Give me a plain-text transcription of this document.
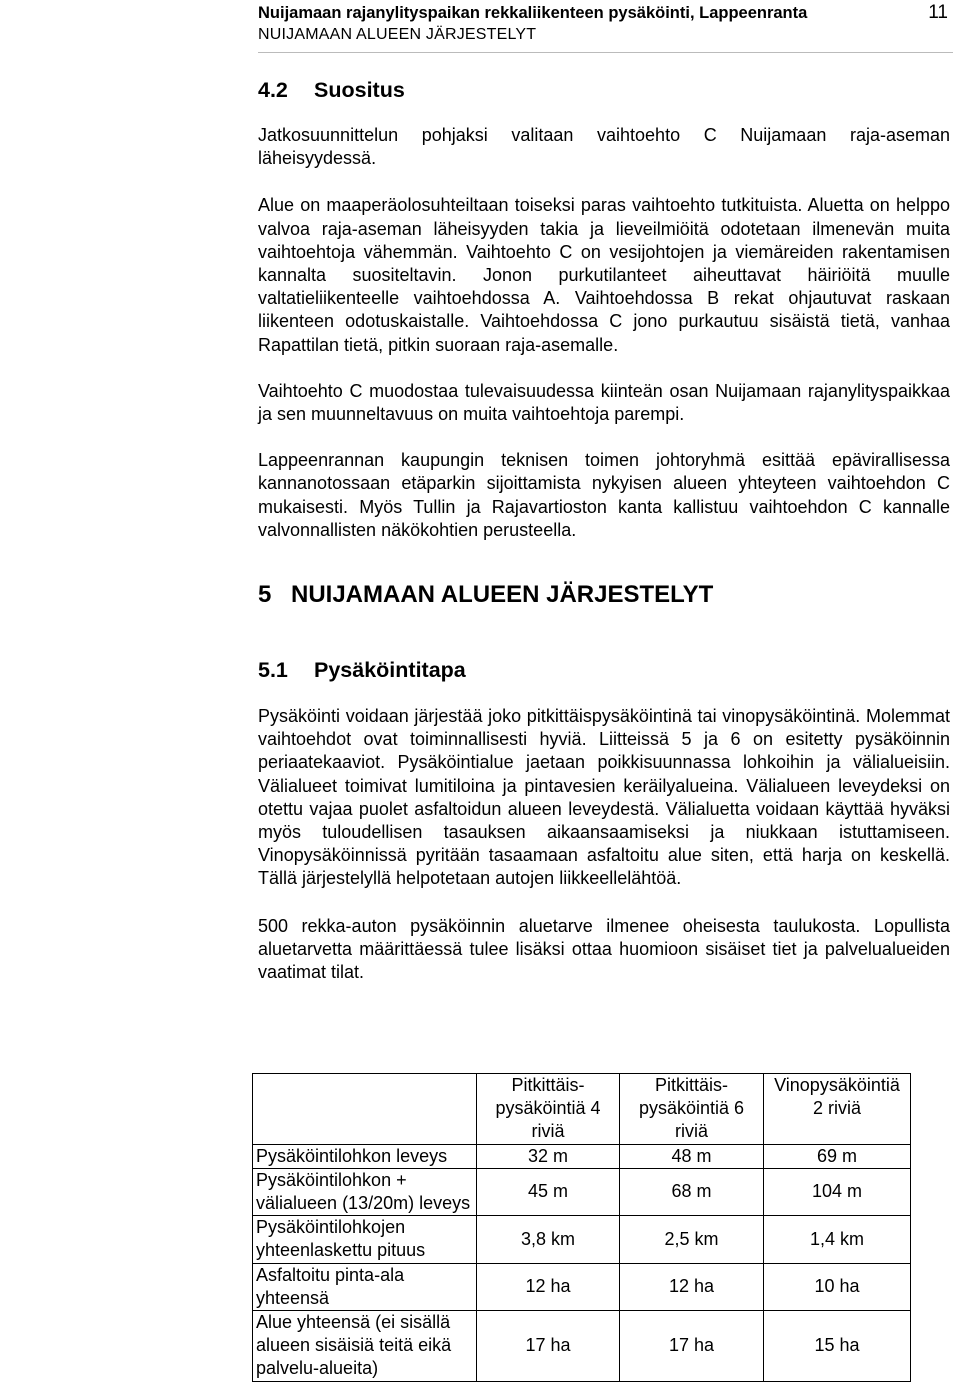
Nuijamaan rajanylityspaikan rekkaliikenteen pysäköinti, Lappeenranta
NUIJAMAAN ALUEEN JÄRJESTELYT
11
4.2 Suositus

Jatkosuunnittelun pohjaksi valitaan vaihtoehto C Nuijamaan raja-aseman läheisyydessä.

Alue on maaperäolosuhteiltaan toiseksi paras vaihtoehto tutkituista. Aluetta on helppo valvoa raja-aseman läheisyyden takia ja lieveilmiöitä odotetaan ilmenevän muita vaihtoehtoja vähemmän. Vaihtoehto C on vesijohtojen ja viemäreiden rakentamisen kannalta suositeltavin. Jonon purkutilanteet aiheuttavat häiriöitä muulle valtatieliikenteelle vaihtoehdossa A. Vaihtoehdossa B rekat ohjautuvat raskaan liikenteen odotuskaistalle. Vaihtoehdossa C jono purkautuu sisäistä tietä, vanhaa Rapattilan tietä, pitkin suoraan raja-asemalle.

Vaihtoehto C muodostaa tulevaisuudessa kiinteän osan Nuijamaan rajanylityspaikkaa ja sen muunneltavuus on muita vaihtoehtoja parempi.

Lappeenrannan kaupungin teknisen toimen johtoryhmä esittää epävirallisessa kannanotossaan etäparkin sijoittamista nykyisen alueen yhteyteen vaihtoehdon C mukaisesti. Myös Tullin ja Rajavartioston kanta kallistuu vaihtoehdon C kannalle valvonnallisten näkökohtien perusteella.

5 NUIJAMAAN ALUEEN JÄRJESTELYT
5.1 Pysäköintitapa

Pysäköinti voidaan järjestää joko pitkittäispysäköintinä tai vinopysäköintinä. Molemmat vaihtoehdot ovat toiminnallisesti hyviä. Liitteissä 5 ja 6 on esitetty pysäköinnin periaatekaaviot. Pysäköintialue jaetaan poikkisuunnassa lohkoihin ja välialueisiin. Välialueet toimivat lumitiloina ja pintavesien keräilyalueina. Välialueen leveydeksi on otettu vajaa puolet asfaltoidun alueen leveydestä. Välialuetta voidaan käyttää hyväksi myös tuloudellisen tasauksen aikaansaamiseksi ja niukkaan istuttamiseen. Vinopysäköinnissä pyritään tasaamaan asfaltoitu alue siten, että harja on keskellä. Tällä järjestelyllä helpotetaan autojen liikkeellelähtöä.

500 rekka-auton pysäköinnin aluetarve ilmenee oheisesta taulukosta. Lopullista aluetarvetta määrittäessä tulee lisäksi ottaa huomioon sisäiset tiet ja palvelualueiden vaatimat tilat.

	Pitkittäis-pysäköintiä 4 riviä	Pitkittäis-pysäköintiä 6 riviä	Vinopysäköintiä 2 riviä
Pysäköintilohkon leveys	32 m	48 m	69 m
Pysäköintilohkon + välialueen (13/20m) leveys	45 m	68 m	104 m
Pysäköintilohkojen yhteenlaskettu pituus	3,8 km	2,5 km	1,4 km
Asfaltoitu pinta-ala yhteensä	12 ha	12 ha	10 ha
Alue yhteensä (ei sisällä alueen sisäisiä teitä eikä palvelu-alueita)	17 ha	17 ha	15 ha
